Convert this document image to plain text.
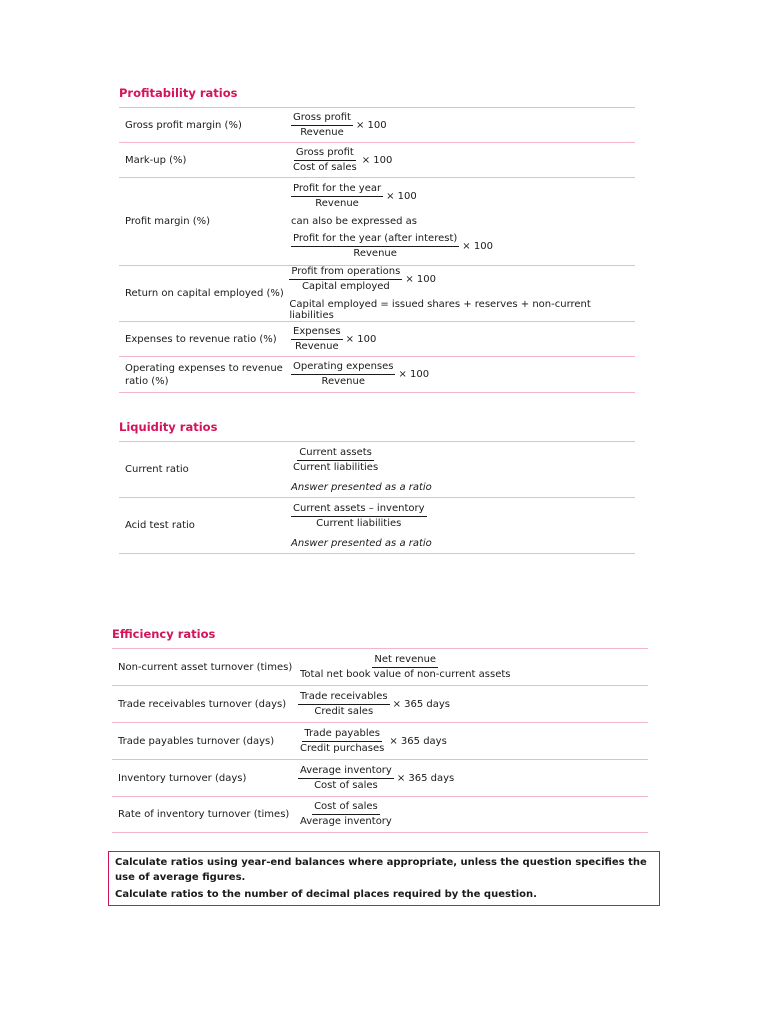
Profitability ratios
Gross profit margin (%)	$\frac{\text{Gross profit}}{\text{Revenue}} \times 100$
Mark-up (%)	$\frac{\text{Gross profit}}{\text{Cost of sales}} \times 100$
Profit margin (%)
$\frac{\text{Profit for the year}}{\text{Revenue}} \times 100$
can also be expressed as
$\frac{\text{Profit for the year (after interest)}}{\text{Revenue}} \times 100$
Return on capital employed (%)
$\frac{\text{Profit from operations}}{\text{Capital employed}} \times 100$
Capital employed = issued shares + reserves + non-current liabilities
Expenses to revenue ratio (%)	$\frac{\text{Expenses}}{\text{Revenue}} \times 100$
Operating expenses to revenue
ratio (%)	$\frac{\text{Operating expenses}}{\text{Revenue}} \times 100$
Liquidity ratios
Current ratio	$\frac{\text{Current assets}}{\text{Current liabilities}}$
Answer presented as a ratio
Acid test ratio	$\frac{\text{Current assets – inventory}}{\text{Current liabilities}}$
Answer presented as a ratio
Efficiency ratios
Non-current asset turnover (times) $\frac{\text{Net revenue}}{\text{Total net book value of non-current assets}}$
Trade receivables turnover (days)	$\frac{\text{Trade receivables}}{\text{Credit sales}} \times 365$ days
Trade payables turnover (days)	$\frac{\text{Trade payables}}{\text{Credit purchases}} \times 365$ days
Inventory turnover (days)	$\frac{\text{Average inventory}}{\text{Cost of sales}} \times 365$ days
Rate of inventory turnover (times) $\frac{\text{Cost of sales}}{\text{Average inventory}}$

Calculate ratios using year-end balances where appropriate, unless the question specifies the use of average figures.

Calculate ratios to the number of decimal places required by the question.
